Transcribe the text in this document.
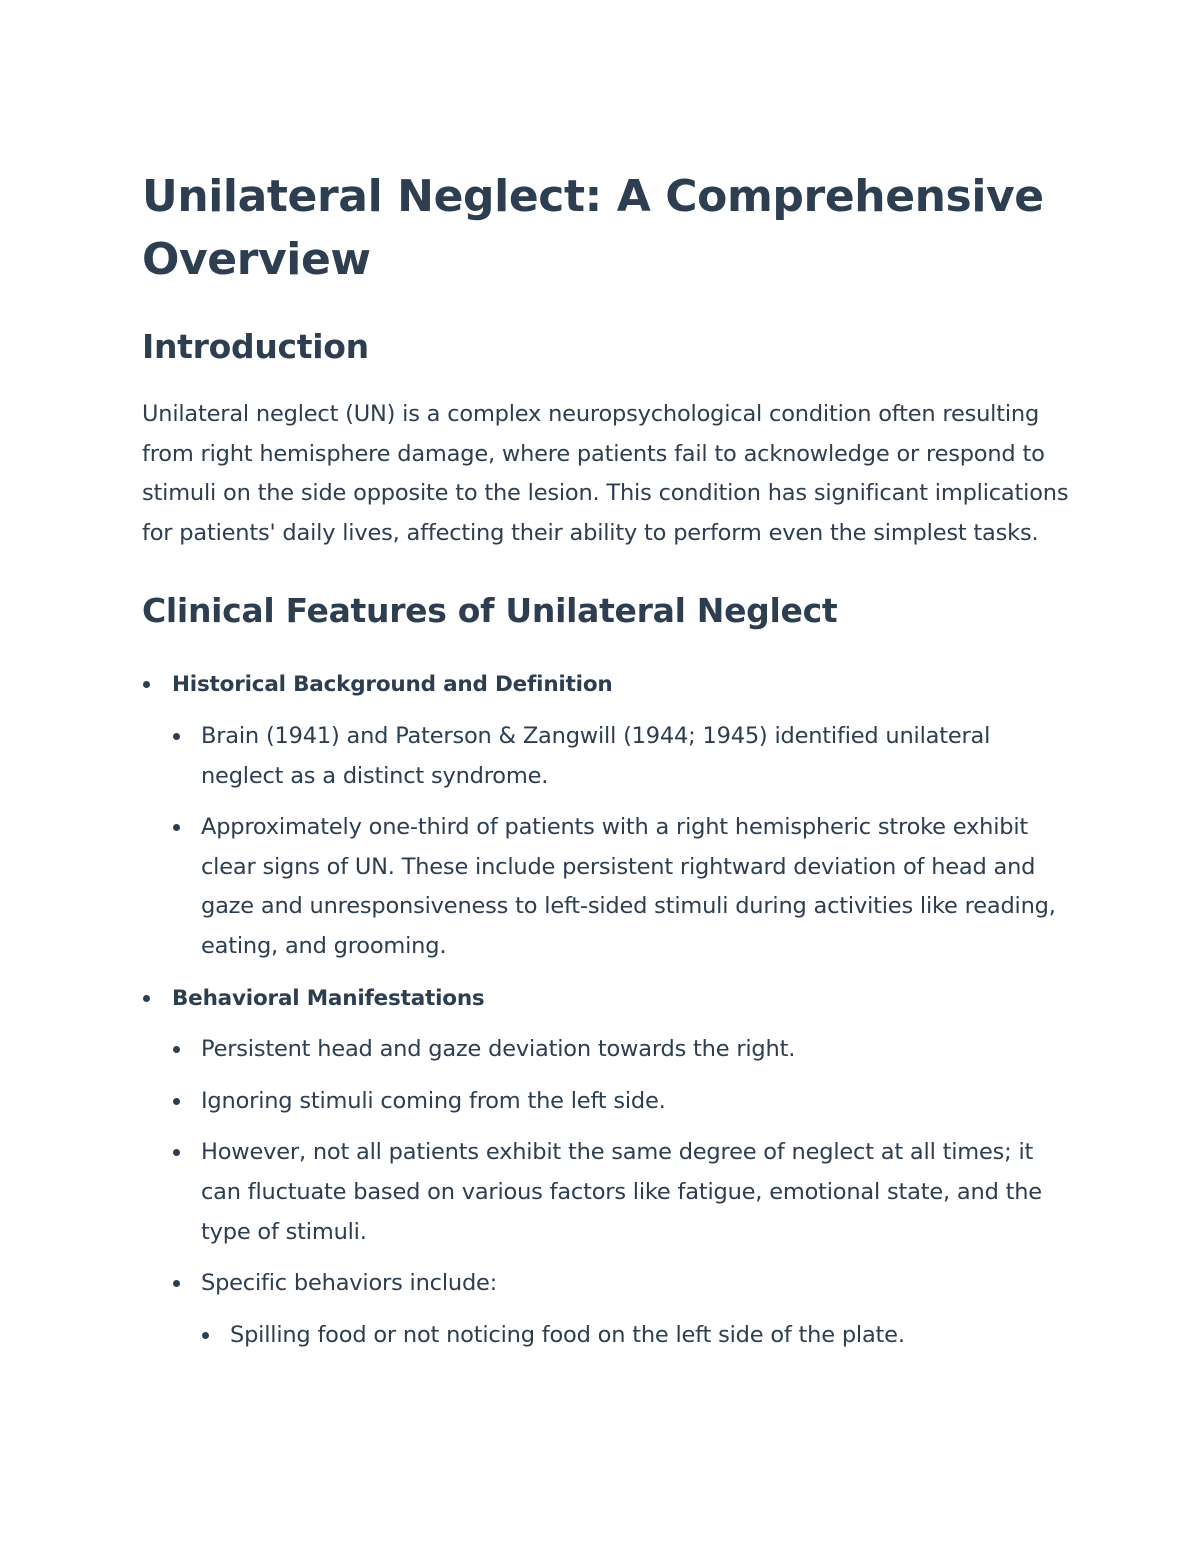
Unilateral Neglect: A Comprehensive Overview
Introduction

Unilateral neglect (UN) is a complex neuropsychological condition often resulting from right hemisphere damage, where patients fail to acknowledge or respond to stimuli on the side opposite to the lesion. This condition has significant implications for patients' daily lives, affecting their ability to perform even the simplest tasks.

Clinical Features of Unilateral Neglect
Historical Background and Definition
Brain (1941) and Paterson & Zangwill (1944; 1945) identified unilateral neglect as a distinct syndrome.
Approximately one-third of patients with a right hemispheric stroke exhibit clear signs of UN. These include persistent rightward deviation of head and gaze and unresponsiveness to left-sided stimuli during activities like reading, eating, and grooming.
Behavioral Manifestations
Persistent head and gaze deviation towards the right.
Ignoring stimuli coming from the left side.
However, not all patients exhibit the same degree of neglect at all times; it can fluctuate based on various factors like fatigue, emotional state, and the type of stimuli.
Specific behaviors include:
Spilling food or not noticing food on the left side of the plate.
